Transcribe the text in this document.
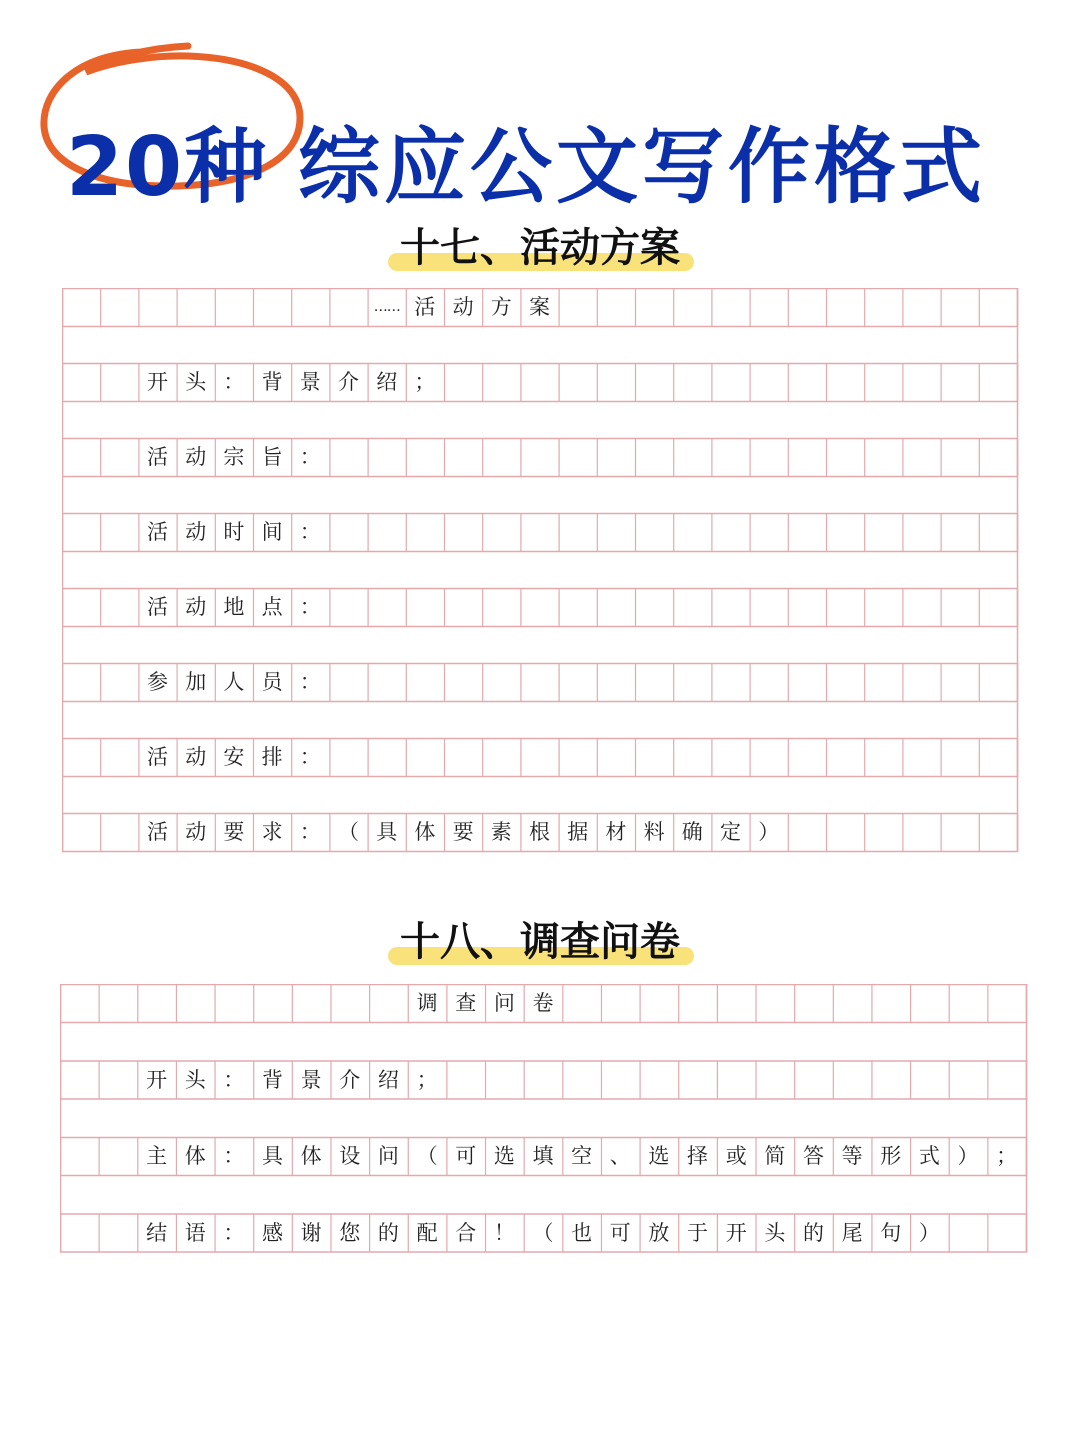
20种 综应公文写作格式
十七、活动方案
…… 活 动 方 案
开 头 ： 背 景 介 绍 ；
活 动 宗 旨 ：
活 动 时 间 ：
活 动 地 点 ：
参 加 人 员 ：
活 动 安 排 ：
活 动 要 求 ： （ 具 体 要 素 根 据 材 料 确 定 ）
十八、调查问卷
调 查 问 卷
开 头 ： 背 景 介 绍 ；
主 体 ： 具 体 设 问 （ 可 选 填 空 、 选 择 或 简 答 等 形 式 ） ；
结 语 ： 感 谢 您 的 配 合 ！ （ 也 可 放 于 开 头 的 尾 句 ）
